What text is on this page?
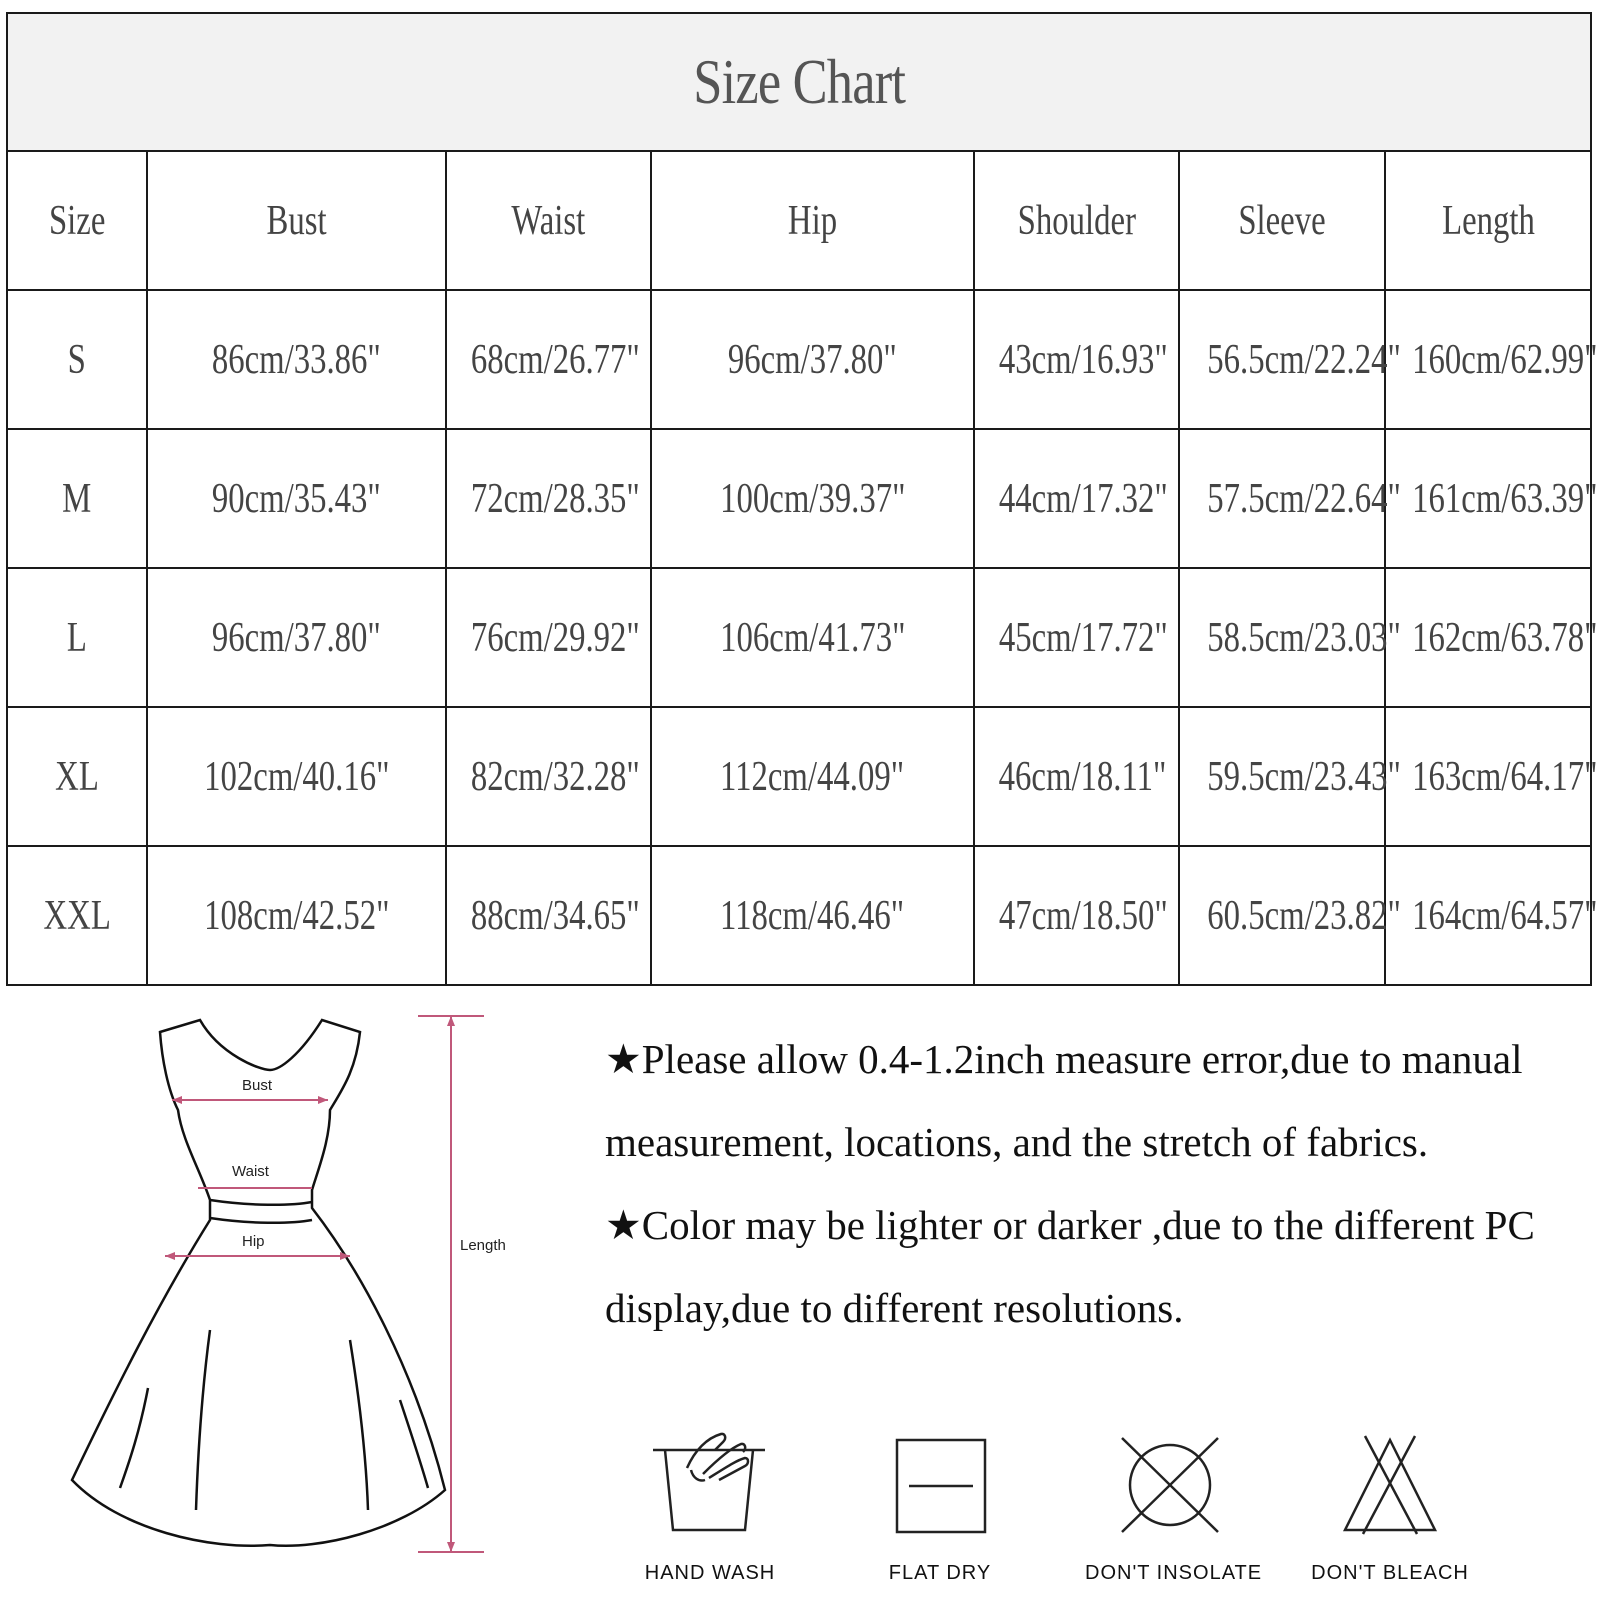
Size Chart						
Size	Bust	Waist	Hip	Shoulder	Sleeve	Length
S	86cm/33.86"	68cm/26.77"	96cm/37.80"	43cm/16.93"	56.5cm/22.24"	160cm/62.99"
M	90cm/35.43"	72cm/28.35"	100cm/39.37"	44cm/17.32"	57.5cm/22.64"	161cm/63.39"
L	96cm/37.80"	76cm/29.92"	106cm/41.73"	45cm/17.72"	58.5cm/23.03"	162cm/63.78"
XL	102cm/40.16"	82cm/32.28"	112cm/44.09"	46cm/18.11"	59.5cm/23.43"	163cm/64.17"
XXL	108cm/42.52"	88cm/34.65"	118cm/46.46"	47cm/18.50"	60.5cm/23.82"	164cm/64.57"
Bust
Waist
Hip	Length

★Please allow 0.4-1.2inch measure error,due to manual measurement, locations, and the stretch of fabrics.

★Color may be lighter or darker ,due to the different PC display,due to different resolutions.

HAND WASH	FLAT DRY	DON'T INSOLATE	DON'T BLEACH
